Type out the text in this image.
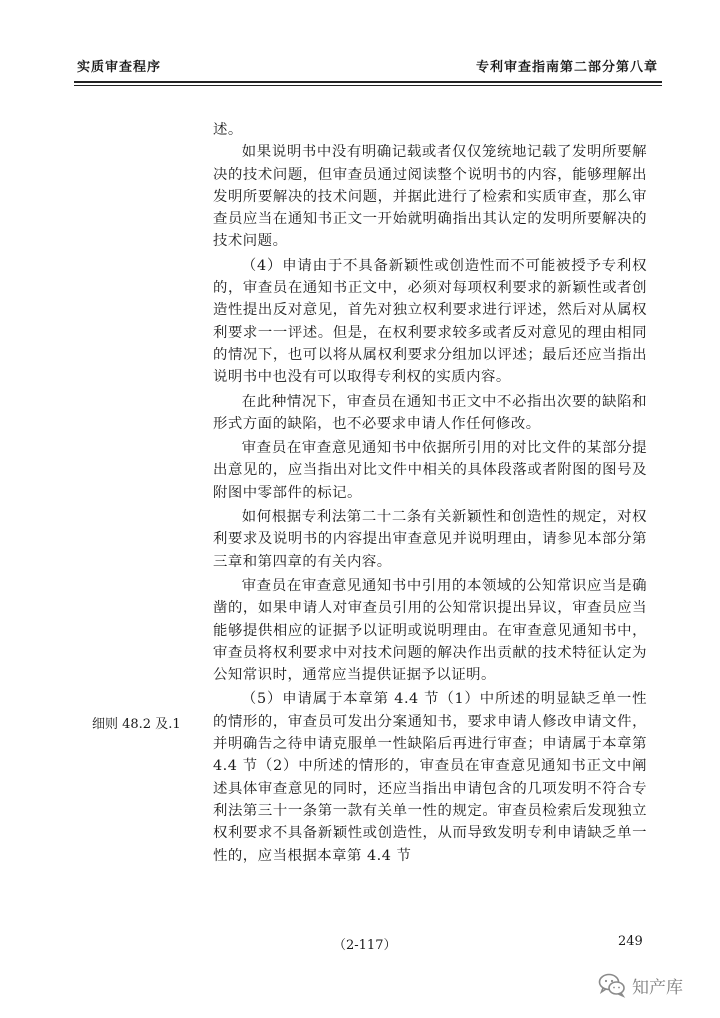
实质审查程序	专利审查指南第二部分第八章

述。

如果说明书中没有明确记载或者仅仅笼统地记载了发明所要解决的技术问题，但审查员通过阅读整个说明书的内容，能够理解出发明所要解决的技术问题，并据此进行了检索和实质审查，那么审查员应当在通知书正文一开始就明确指出其认定的发明所要解决的技术问题。

（4）申请由于不具备新颖性或创造性而不可能被授予专利权的，审查员在通知书正文中，必须对每项权利要求的新颖性或者创造性提出反对意见，首先对独立权利要求进行评述，然后对从属权利要求一一评述。但是，在权利要求较多或者反对意见的理由相同的情况下，也可以将从属权利要求分组加以评述；最后还应当指出说明书中也没有可以取得专利权的实质内容。

在此种情况下，审查员在通知书正文中不必指出次要的缺陷和形式方面的缺陷，也不必要求申请人作任何修改。

审查员在审查意见通知书中依据所引用的对比文件的某部分提出意见的，应当指出对比文件中相关的具体段落或者附图的图号及附图中零部件的标记。

如何根据专利法第二十二条有关新颖性和创造性的规定，对权利要求及说明书的内容提出审查意见并说明理由，请参见本部分第三章和第四章的有关内容。

审查员在审查意见通知书中引用的本领域的公知常识应当是确凿的，如果申请人对审查员引用的公知常识提出异议，审查员应当能够提供相应的证据予以证明或说明理由。在审查意见通知书中，审查员将权利要求中对技术问题的解决作出贡献的技术特征认定为公知常识时，通常应当提供证据予以证明。

（5）申请属于本章第 4.4 节（1）中所述的明显缺乏单一性的情形的，审查员可发出分案通知书，要求申请人修改申请文件，并明确告之待申请克服单一性缺陷后再进行审查；申请属于本章第 4.4 节（2）中所述的情形的，审查员在审查意见通知书正文中阐述具体审查意见的同时，还应当指出申请包含的几项发明不符合专利法第三十一条第一款有关单一性的规定。审查员检索后发现独立权利要求不具备新颖性或创造性，从而导致发明专利申请缺乏单一性的，应当根据本章第 4.4 节

细则 48.2 及.1
（2-117）	249
知产库
